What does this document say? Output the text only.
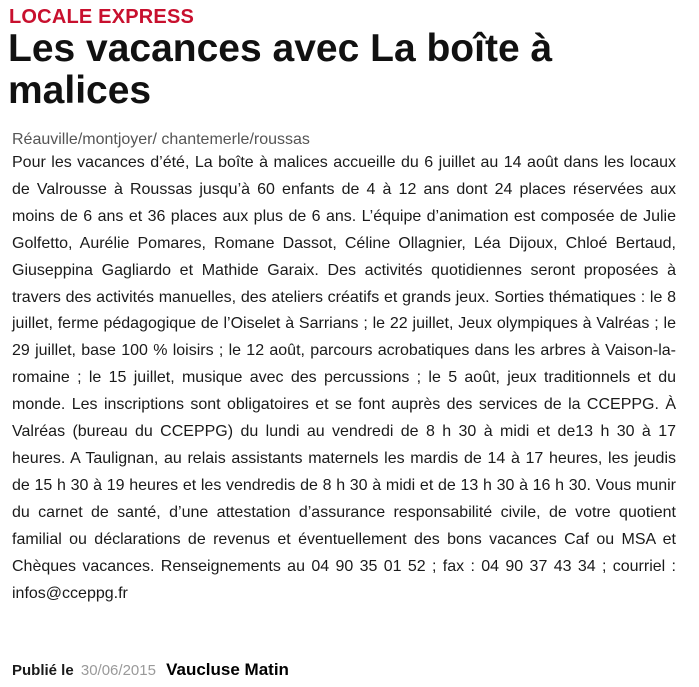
LOCALE EXPRESS
Les vacances avec La boîte à malices
Réauville/montjoyer/ chantemerle/roussas

Pour les vacances d’été, La boîte à malices accueille du 6 juillet au 14 août dans les locaux de Valrousse à Roussas jusqu’à 60 enfants de 4 à 12 ans dont 24 places réservées aux moins de 6 ans et 36 places aux plus de 6 ans. L’équipe d’animation est composée de Julie Golfetto, Aurélie Pomares, Romane Dassot, Céline Ollagnier, Léa Dijoux, Chloé Bertaud, Giuseppina Gagliardo et Mathide Garaix. Des activités quotidiennes seront proposées à travers des activités manuelles, des ateliers créatifs et grands jeux. Sorties thématiques : le 8 juillet, ferme pédagogique de l’Oiselet à Sarrians ; le 22 juillet, Jeux olympiques à Valréas ; le 29 juillet, base 100 % loisirs ; le 12 août, parcours acrobatiques dans les arbres à Vaison-la-romaine ; le 15 juillet, musique avec des percussions ; le 5 août, jeux traditionnels et du monde. Les inscriptions sont obligatoires et se font auprès des services de la CCEPPG. À Valréas (bureau du CCEPPG) du lundi au vendredi de 8 h 30 à midi et de13 h 30 à 17 heures. A Taulignan, au relais assistants maternels les mardis de 14 à 17 heures, les jeudis de 15 h 30 à 19 heures et les vendredis de 8 h 30 à midi et de 13 h 30 à 16 h 30. Vous munir du carnet de santé, d’une attestation d’assurance responsabilité civile, de votre quotient familial ou déclarations de revenus et éventuellement des bons vacances Caf ou MSA et Chèques vacances. Renseignements au 04 90 35 01 52 ; fax : 04 90 37 43 34 ; courriel : infos@cceppg.fr

Publié le 30/06/2015 Vaucluse Matin
